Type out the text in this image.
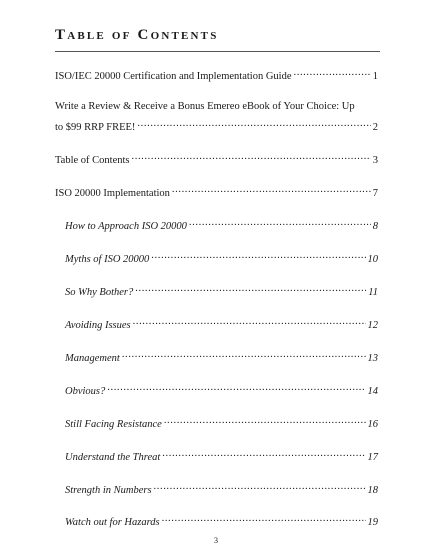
Table of Contents
ISO/IEC 20000 Certification and Implementation Guide .....	1
Write a Review & Receive a Bonus Emereo eBook of Your Choice: Up
to $99 RRP FREE! .....	2
Table of Contents .....	3
ISO 20000 Implementation .....	7
How to Approach ISO 20000 .....	8
Myths of ISO 20000 .....	10
So Why Bother? .....	11
Avoiding Issues .....	12
Management .....	13
Obvious? .....	14
Still Facing Resistance .....	16
Understand the Threat .....	17
Strength in Numbers .....	18
Watch out for Hazards .....	19
3
